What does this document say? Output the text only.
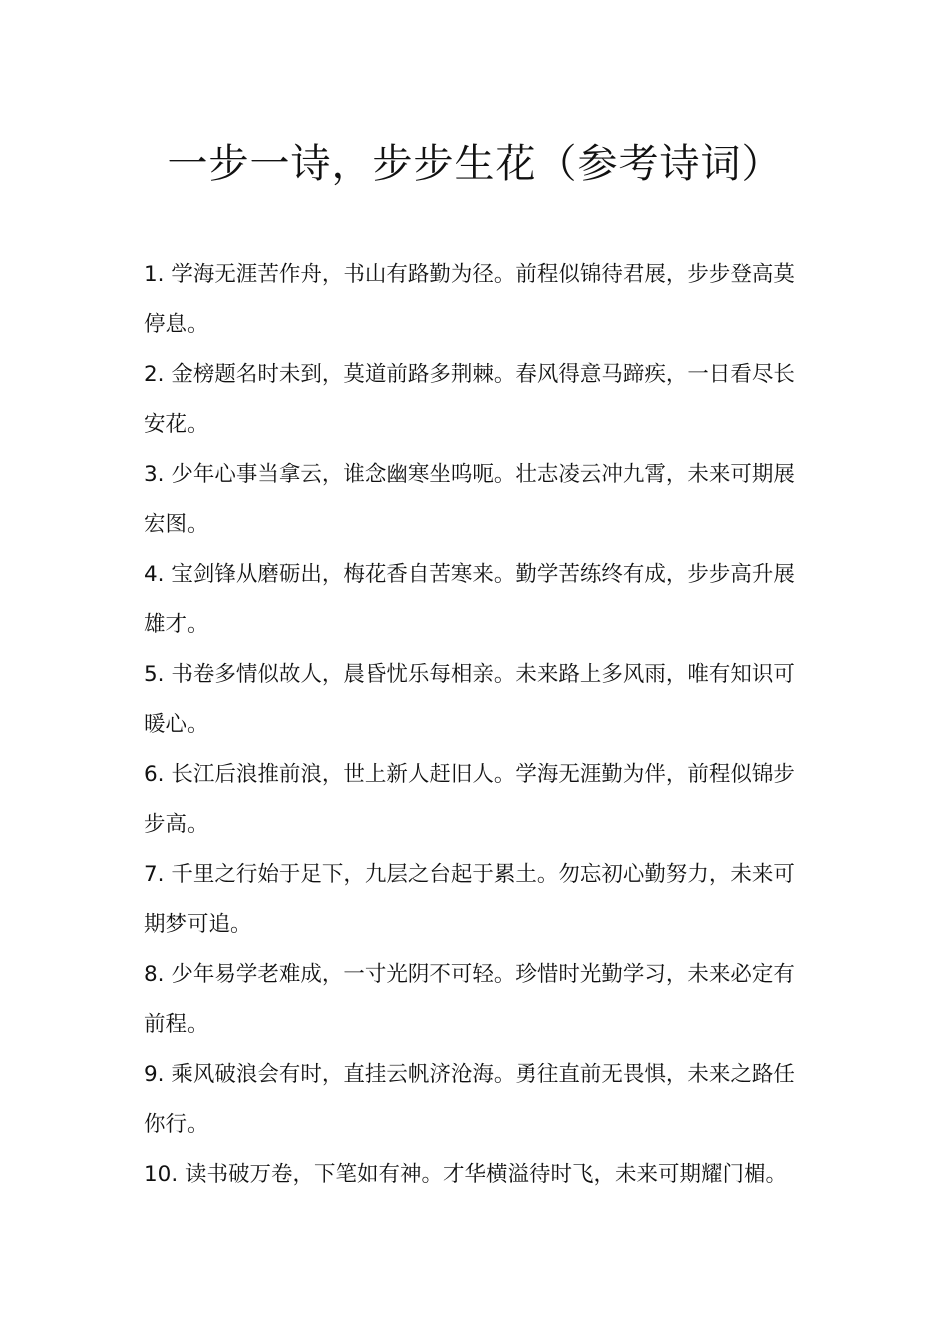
一步一诗，步步生花（参考诗词）
1. 学海无涯苦作舟，书山有路勤为径。前程似锦待君展，步步登高莫停息。
2. 金榜题名时未到，莫道前路多荆棘。春风得意马蹄疾，一日看尽长安花。
3. 少年心事当拿云，谁念幽寒坐呜呃。壮志凌云冲九霄，未来可期展宏图。
4. 宝剑锋从磨砺出，梅花香自苦寒来。勤学苦练终有成，步步高升展雄才。
5. 书卷多情似故人，晨昏忧乐每相亲。未来路上多风雨，唯有知识可暖心。
6. 长江后浪推前浪，世上新人赶旧人。学海无涯勤为伴，前程似锦步步高。
7. 千里之行始于足下，九层之台起于累土。勿忘初心勤努力，未来可期梦可追。
8. 少年易学老难成，一寸光阴不可轻。珍惜时光勤学习，未来必定有前程。
9. 乘风破浪会有时，直挂云帆济沧海。勇往直前无畏惧，未来之路任你行。
10. 读书破万卷，下笔如有神。才华横溢待时飞，未来可期耀门楣。
